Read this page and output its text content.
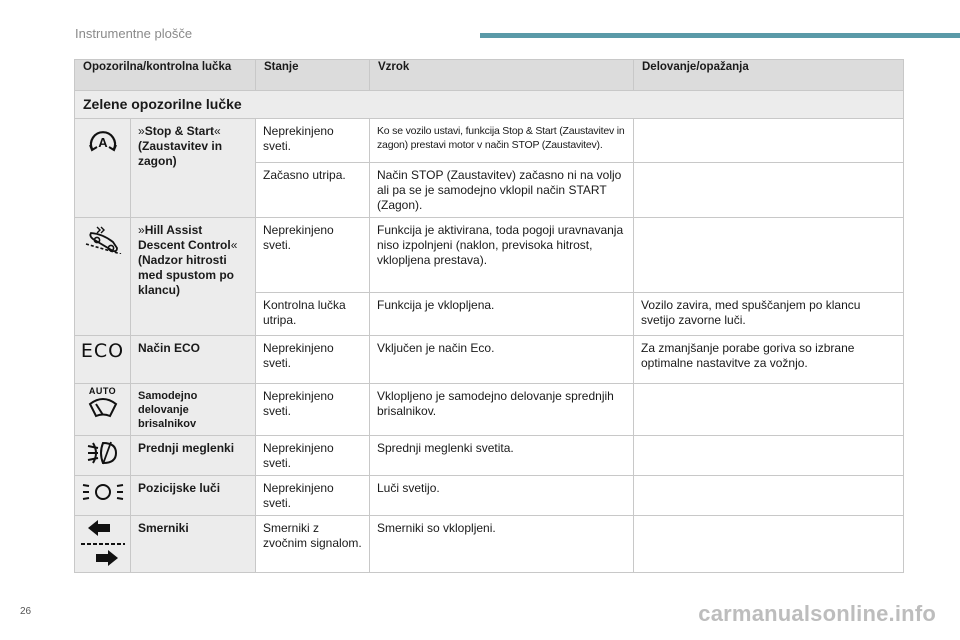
Instrumentne plošče
Opozorilna/kontrolna lučka		Stanje	Vzrok	Delovanje/opažanja
Zelene opozorilne lučke				

A	»Stop & Start« (Zaustavitev in zagon)	Neprekinjeno sveti.	Ko se vozilo ustavi, funkcija Stop & Start (Zaustavitev in zagon) prestavi motor v način STOP (Zaustavitev).	
		Začasno utripa.	Način STOP (Zaustavitev) začasno ni na voljo ali pa se je samodejno vklopil način START (Zagon).	
	»Hill Assist Descent Control« (Nadzor hitrosti med spustom po klancu)	Neprekinjeno sveti.	Funkcija je aktivirana, toda pogoji uravnavanja niso izpolnjeni (naklon, previsoka hitrost, vklopljena prestava).	
		Kontrolna lučka utripa.	Funkcija je vklopljena.	Vozilo zavira, med spuščanjem po klancu svetijo zavorne luči.
ECO	Način ECO	Neprekinjeno sveti.	Vključen je način Eco.	Za zmanjšanje porabe goriva so izbrane optimalne nastavitve za vožnjo.

AUTO	Samodejno delovanje brisalnikov	Neprekinjeno sveti.	Vklopljeno je samodejno delovanje sprednjih brisalnikov.	
	Prednji meglenki	Neprekinjeno sveti.	Sprednji meglenki svetita.	
	Pozicijske luči	Neprekinjeno sveti.	Luči svetijo.	
	Smerniki	Smerniki z zvočnim signalom.	Smerniki so vklopljeni.	
26	carmanualsonline.info
